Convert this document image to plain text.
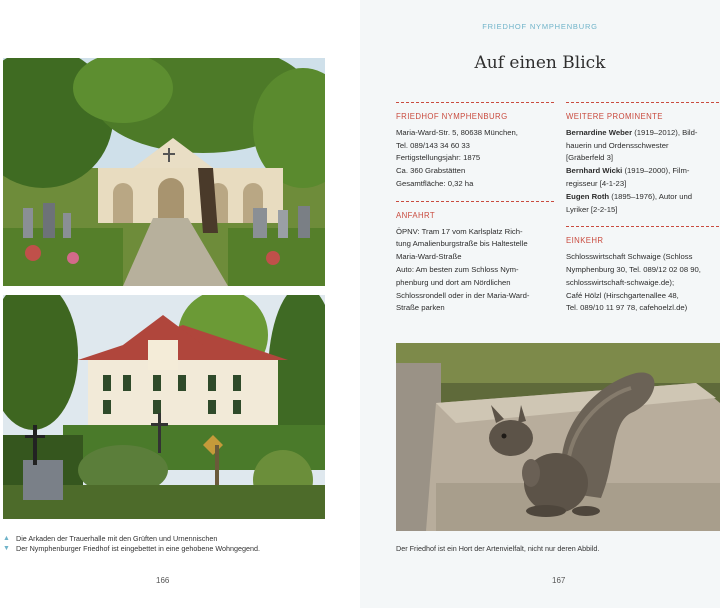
▲ Die Arkaden der Trauerhalle mit den Grüften und Urnennischen
▼ Der Nymphenburger Friedhof ist eingebettet in eine gehobene Wohngegend.
166
FRIEDHOF NYMPHENBURG
Auf einen Blick
FRIEDHOF NYMPHENBURG
Maria-Ward-Str. 5, 80638 München,
Tel. 089/143 34 60 33
Fertigstellungsjahr: 1875
Ca. 360 Grabstätten
Gesamtfläche: 0,32 ha
ANFAHRT
ÖPNV: Tram 17 vom Karlsplatz Rich-
tung Amalienburgstraße bis Haltestelle
Maria-Ward-Straße
Auto: Am besten zum Schloss Nym-
phenburg und dort am Nördlichen
Schlossrondell oder in der Maria-Ward-
Straße parken
WEITERE PROMINENTE
Bernardine Weber (1919–2012), Bild-
hauerin und Ordensschwester
[Gräberfeld 3]
Bernhard Wicki (1919–2000), Film-
regisseur [4-1-23]
Eugen Roth (1895–1976), Autor und
Lyriker [2-2-15]
EINKEHR
Schlosswirtschaft Schwaige (Schloss
Nymphenburg 30, Tel. 089/12 02 08 90,
schlosswirtschaft-schwaige.de);
Café Hölzl (Hirschgartenallee 48,
Tel. 089/10 11 97 78, cafehoelzl.de)
Der Friedhof ist ein Hort der Artenvielfalt, nicht nur deren Abbild.
167
